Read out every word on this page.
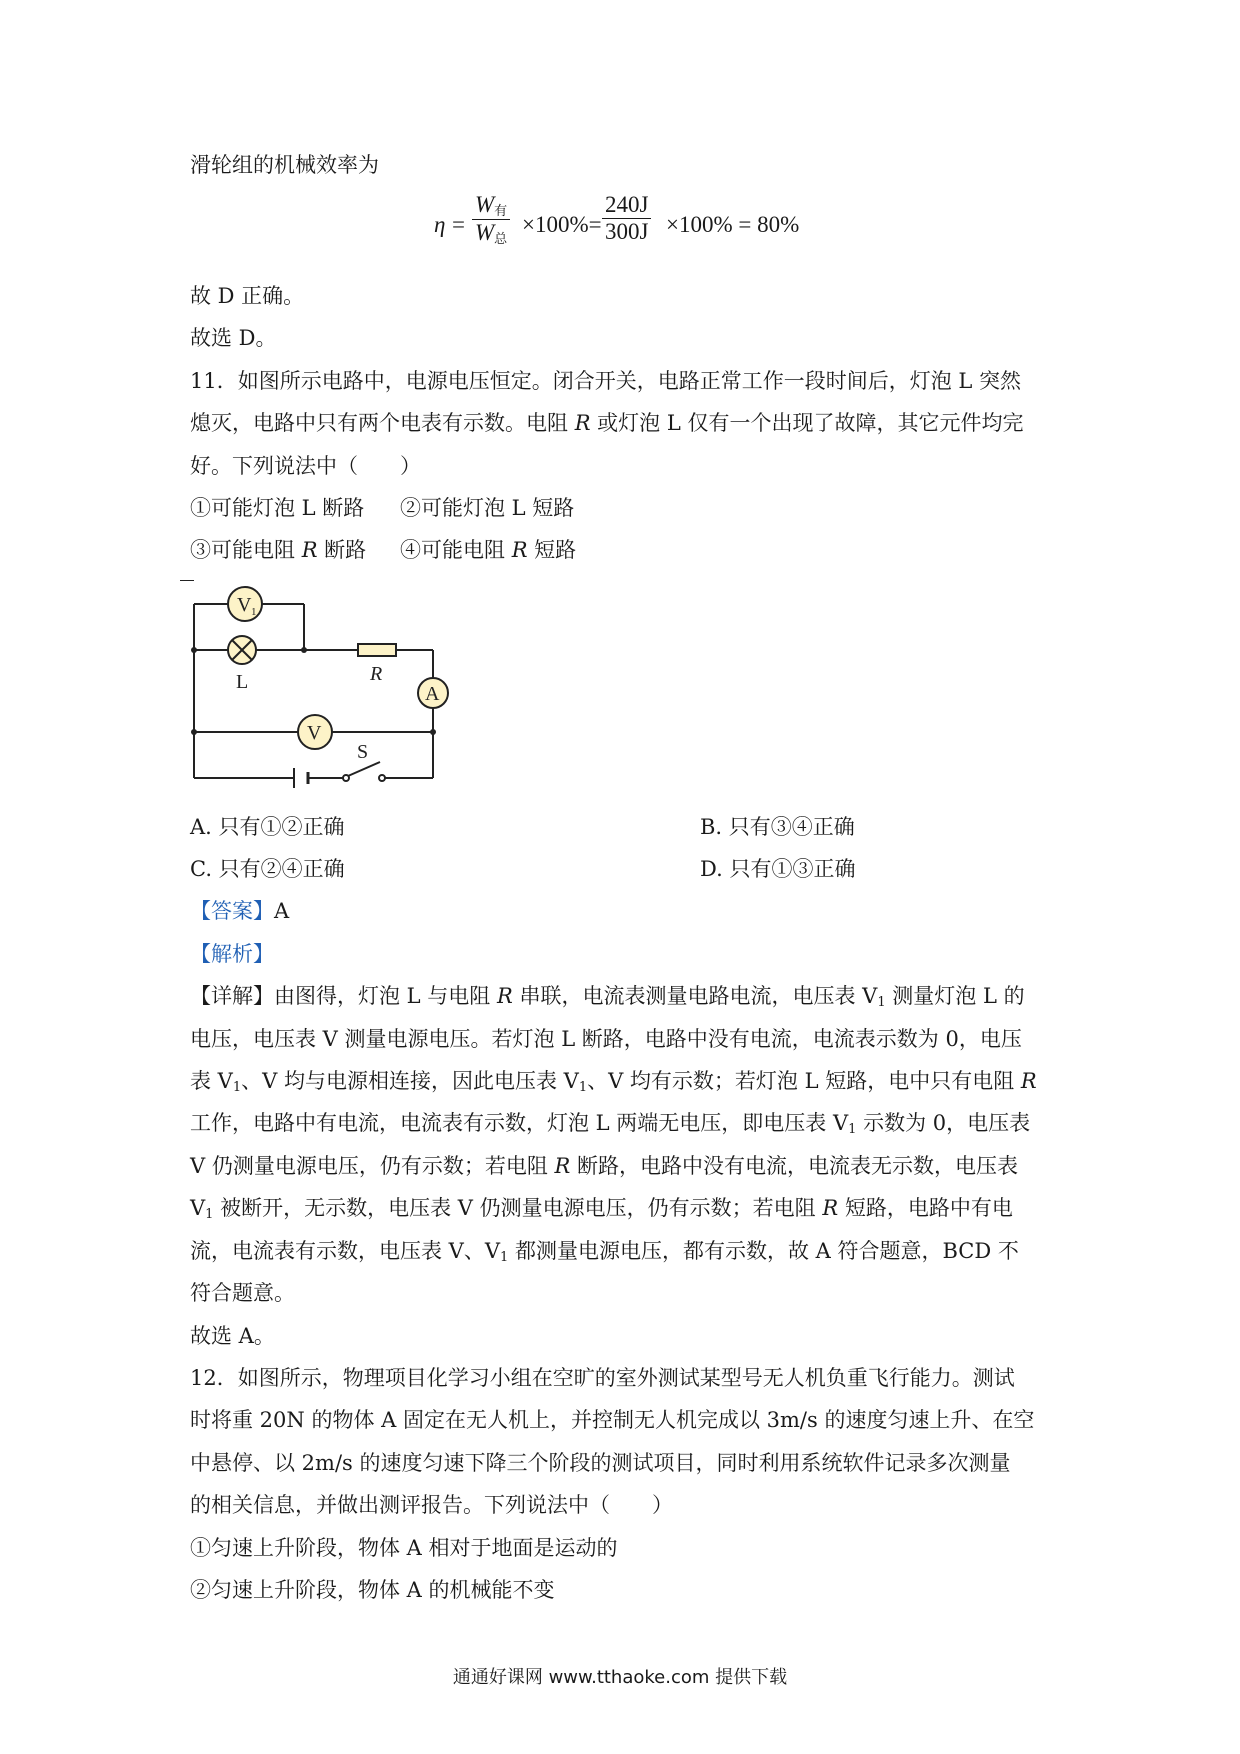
滑轮组的机械效率为
η =
$W_有$
$W_总$
$\times 100\%= \frac{240J}{300J} \times 100\% = 80\%$
故 D 正确。
故选 D。
11．如图所示电路中，电源电压恒定。闭合开关，电路正常工作一段时间后，灯泡 L 突然
熄灭，电路中只有两个电表有示数。电阻 R 或灯泡 L 仅有一个出现了故障，其它元件均完
好。下列说法中（　　）
①可能灯泡 L 断路 ②可能灯泡 L 短路
③可能电阻 R 断路 ④可能电阻 R 短路
V 1
L	R
A
V
S
A. 只有①②正确	B. 只有③④正确
C. 只有②④正确	D. 只有①③正确
【答案】A
【解析】
【详解】由图得，灯泡 L 与电阻 R 串联，电流表测量电路电流，电压表 $V_1$ 测量灯泡 L 的
电压，电压表 V 测量电源电压。若灯泡 L 断路，电路中没有电流，电流表示数为 0，电压
表 $V_1$、V 均与电源相连接，因此电压表 $V_1$、V 均有示数；若灯泡 L 短路，电中只有电阻 R
工作，电路中有电流，电流表有示数，灯泡 L 两端无电压，即电压表 $V_1$ 示数为 0，电压表
V 仍测量电源电压，仍有示数；若电阻 R 断路，电路中没有电流，电流表无示数，电压表
$V_1$ 被断开，无示数，电压表 V 仍测量电源电压，仍有示数；若电阻 R 短路，电路中有电
流，电流表有示数，电压表 V、$V_1$ 都测量电源电压，都有示数，故 A 符合题意，BCD 不
符合题意。
故选 A。
12．如图所示，物理项目化学习小组在空旷的室外测试某型号无人机负重飞行能力。测试
时将重 20N 的物体 A 固定在无人机上，并控制无人机完成以 3m/s 的速度匀速上升、在空
中悬停、以 2m/s 的速度匀速下降三个阶段的测试项目，同时利用系统软件记录多次测量
的相关信息，并做出测评报告。下列说法中（　　）
①匀速上升阶段，物体 A 相对于地面是运动的
②匀速上升阶段，物体 A 的机械能不变
通通好课网 www.tthaoke.com 提供下载
